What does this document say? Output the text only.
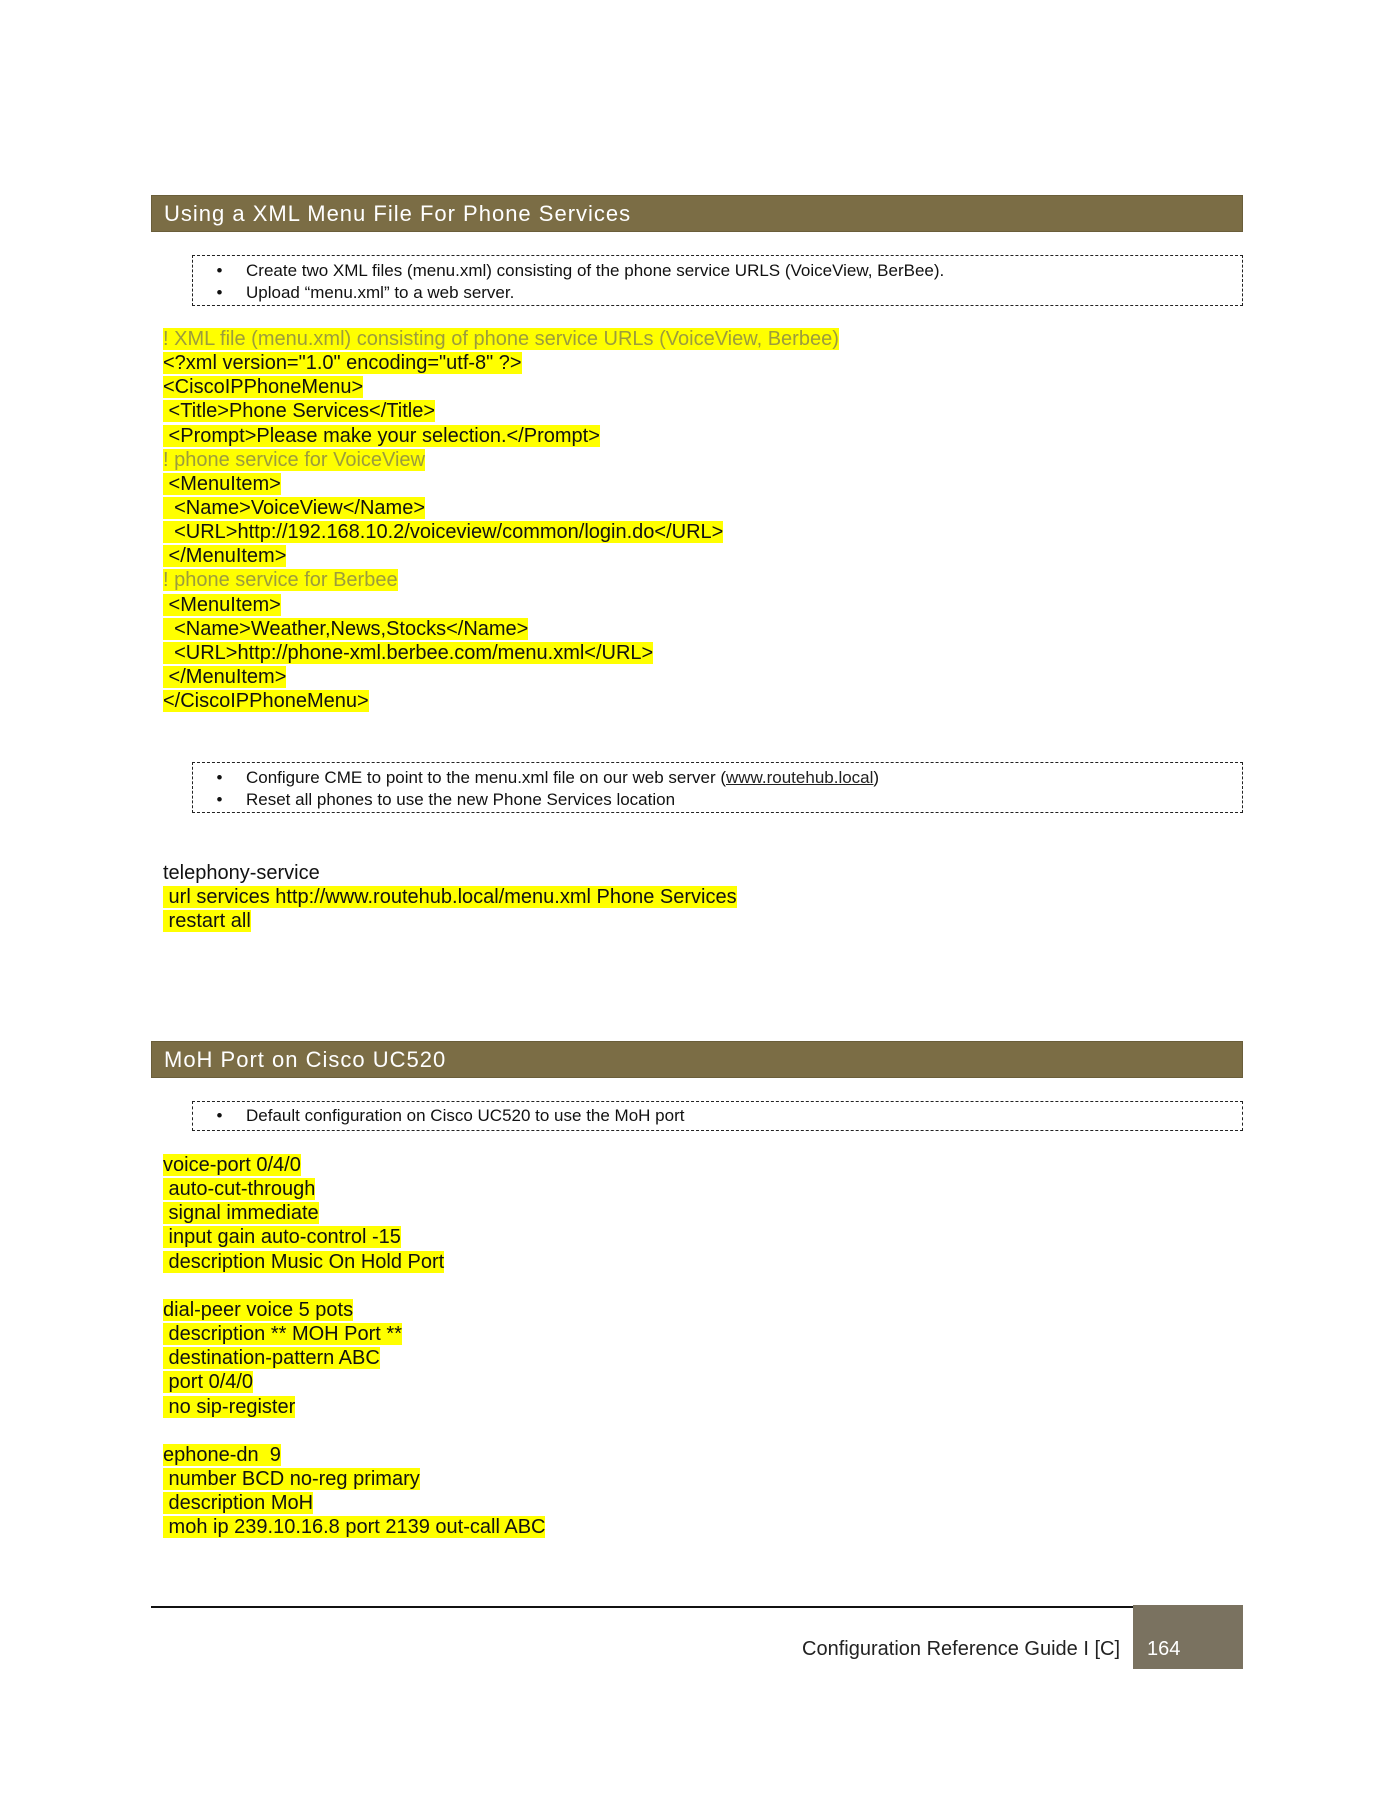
Using a XML Menu File For Phone Services
•	Create two XML files (menu.xml) consisting of the phone service URLS (VoiceView, BerBee).
•	Upload “menu.xml” to a web server.
! XML file (menu.xml) consisting of phone service URLs (VoiceView, Berbee)
<?xml version="1.0" encoding="utf-8" ?>
<CiscoIPPhoneMenu>
<Title>Phone Services</Title>
<Prompt>Please make your selection.</Prompt>
! phone service for VoiceView
<MenuItem>
<Name>VoiceView</Name>
<URL>http://192.168.10.2/voiceview/common/login.do</URL>
</MenuItem>
! phone service for Berbee
<MenuItem>
<Name>Weather,News,Stocks</Name>
<URL>http://phone-xml.berbee.com/menu.xml</URL>
</MenuItem>
</CiscoIPPhoneMenu>
•	Configure CME to point to the menu.xml file on our web server (www.routehub.local)
•	Reset all phones to use the new Phone Services location
telephony-service
url services http://www.routehub.local/menu.xml Phone Services
restart all
MoH Port on Cisco UC520
•	Default configuration on Cisco UC520 to use the MoH port
voice-port 0/4/0
auto-cut-through
signal immediate
input gain auto-control -15
description Music On Hold Port
dial-peer voice 5 pots
description ** MOH Port **
destination-pattern ABC
port 0/4/0
no sip-register
ephone-dn  9
number BCD no-reg primary
description MoH
moh ip 239.10.16.8 port 2139 out-call ABC
Configuration Reference Guide I [C]	164
